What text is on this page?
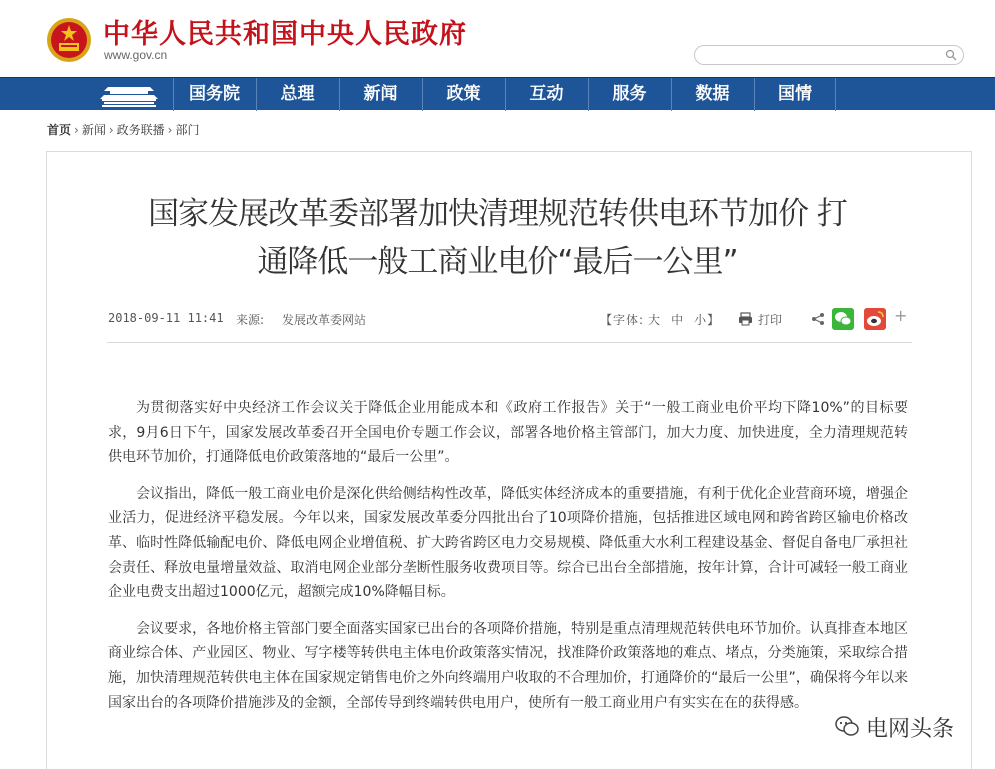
中华人民共和国中央人民政府
www.gov.cn
国务院	总理	新闻	政策	互动	服务	数据	国情
首页 › 新闻 › 政务联播 › 部门
国家发展改革委部署加快清理规范转供电环节加价 打
通降低一般工商业电价“最后一公里”
2018-09-11 11:41 来源: 发展改革委网站	【字体: 大 中 小】	打印	+

为贯彻落实好中央经济工作会议关于降低企业用能成本和《政府工作报告》关于“一般工商业电价平均下降10%”的目标要求，9月6日下午，国家发展改革委召开全国电价专题工作会议，部署各地价格主管部门，加大力度、加快进度，全力清理规范转供电环节加价，打通降低电价政策落地的“最后一公里”。

会议指出，降低一般工商业电价是深化供给侧结构性改革，降低实体经济成本的重要措施，有利于优化企业营商环境，增强企业活力，促进经济平稳发展。今年以来，国家发展改革委分四批出台了10项降价措施，包括推进区域电网和跨省跨区输电价格改革、临时性降低输配电价、降低电网企业增值税、扩大跨省跨区电力交易规模、降低重大水利工程建设基金、督促自备电厂承担社会责任、释放电量增量效益、取消电网企业部分垄断性服务收费项目等。综合已出台全部措施，按年计算，合计可减轻一般工商业企业电费支出超过1000亿元，超额完成10%降幅目标。

会议要求，各地价格主管部门要全面落实国家已出台的各项降价措施，特别是重点清理规范转供电环节加价。认真排查本地区商业综合体、产业园区、物业、写字楼等转供电主体电价政策落实情况，找准降价政策落地的难点、堵点，分类施策，采取综合措施，加快清理规范转供电主体在国家规定销售电价之外向终端用户收取的不合理加价，打通降价的“最后一公里”，确保将今年以来国家出台的各项降价措施涉及的金额，全部传导到终端转供电用户，使所有一般工商业用户有实实在在的获得感。

电网头条
